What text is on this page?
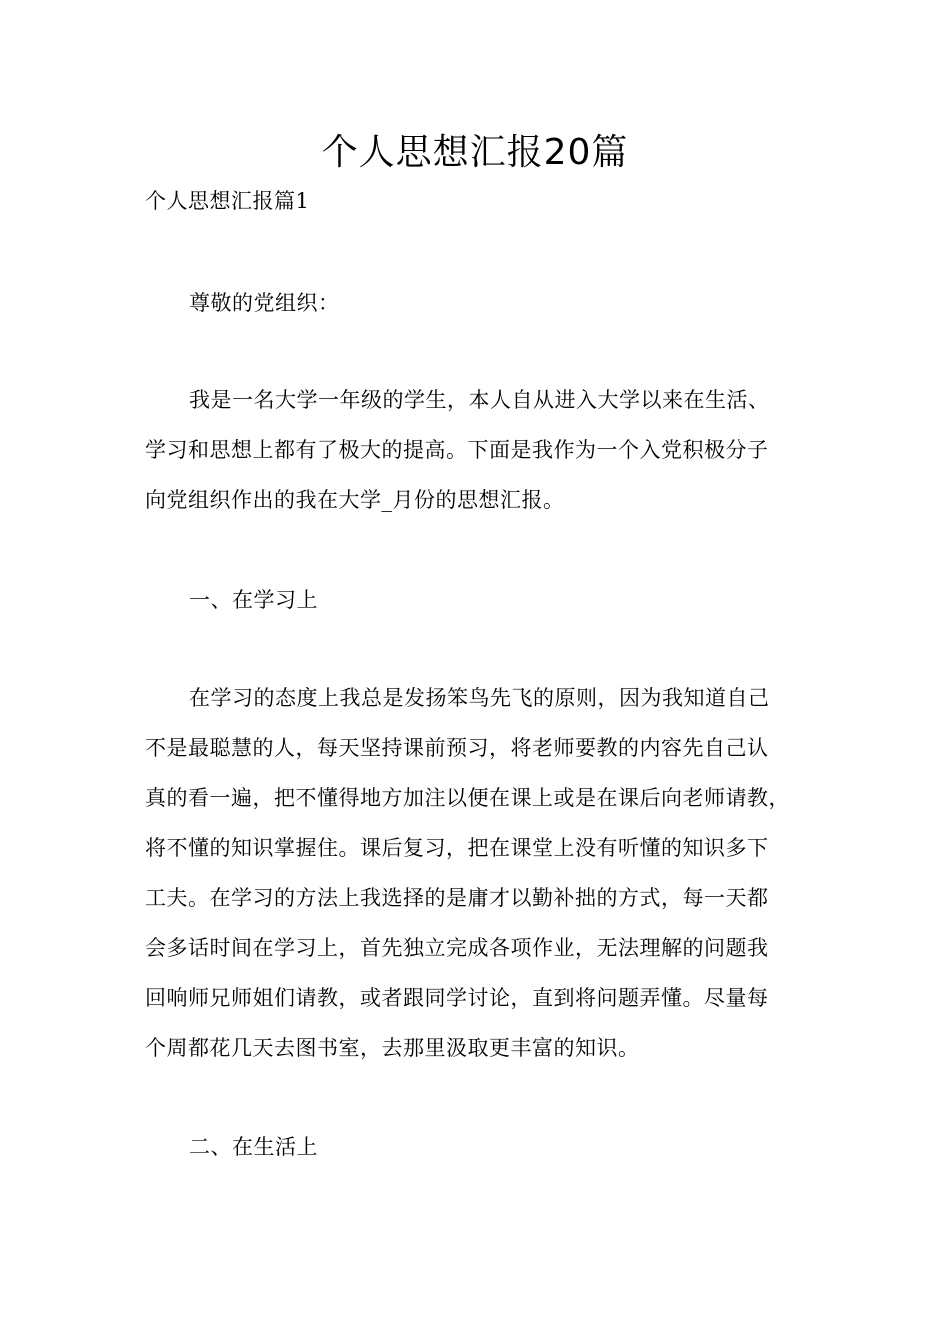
个人思想汇报20篇
个人思想汇报篇1
尊敬的党组织：
我是一名大学一年级的学生，本人自从进入大学以来在生活、
学习和思想上都有了极大的提高。下面是我作为一个入党积极分子
向党组织作出的我在大学_月份的思想汇报。
一、在学习上
在学习的态度上我总是发扬笨鸟先飞的原则，因为我知道自己
不是最聪慧的人，每天坚持课前预习，将老师要教的内容先自己认
真的看一遍，把不懂得地方加注以便在课上或是在课后向老师请教，
将不懂的知识掌握住。课后复习，把在课堂上没有听懂的知识多下
工夫。在学习的方法上我选择的是庸才以勤补拙的方式，每一天都
会多话时间在学习上，首先独立完成各项作业，无法理解的问题我
回响师兄师姐们请教，或者跟同学讨论，直到将问题弄懂。尽量每
个周都花几天去图书室，去那里汲取更丰富的知识。
二、在生活上
